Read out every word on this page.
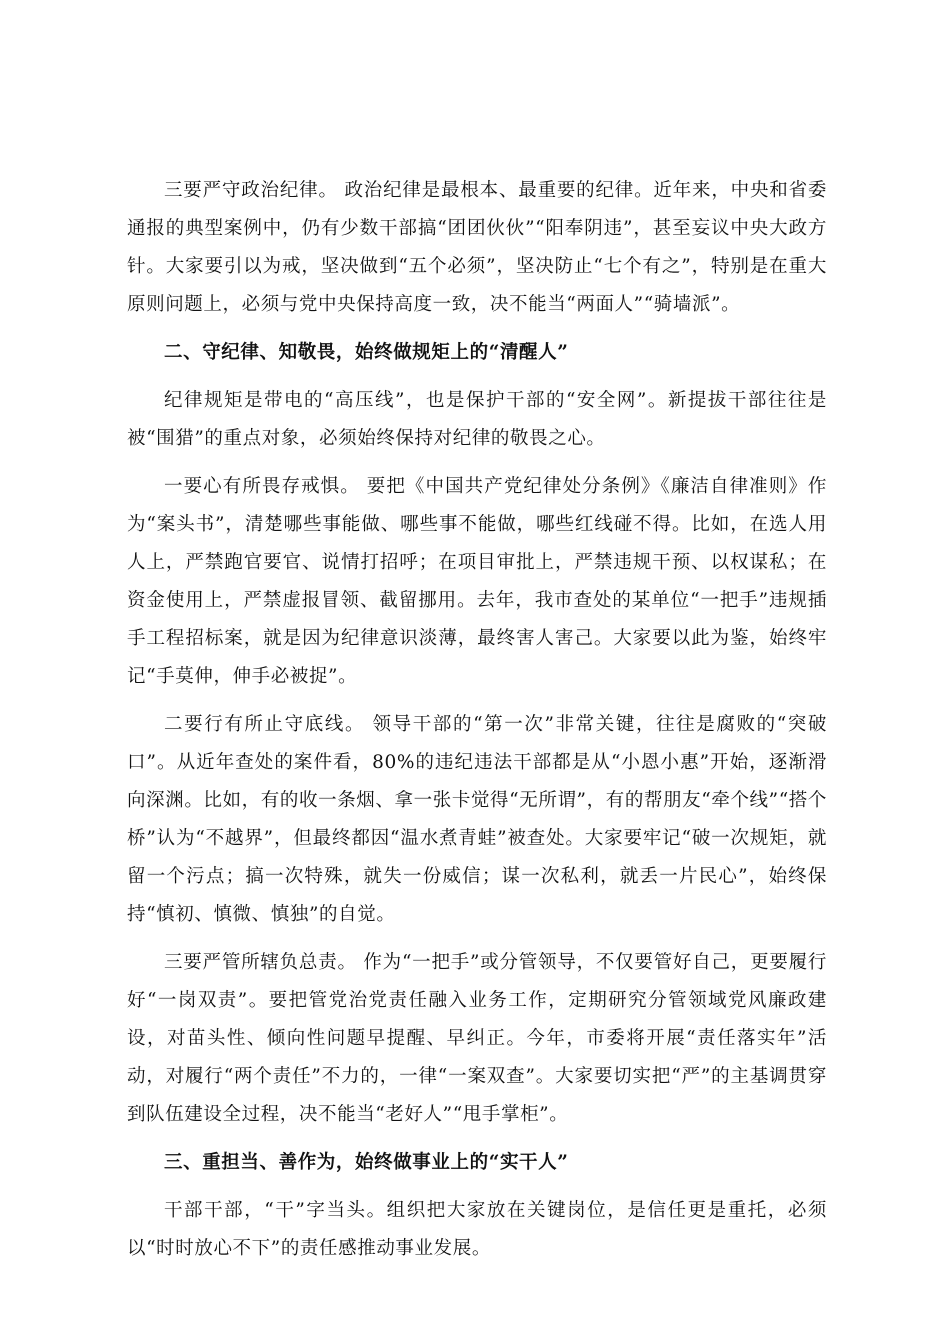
三要严守政治纪律。 政治纪律是最根本、最重要的纪律。近年来，中央和省委通报的典型案例中，仍有少数干部搞“团团伙伙”“阳奉阴违”，甚至妄议中央大政方针。大家要引以为戒，坚决做到“五个必须”，坚决防止“七个有之”，特别是在重大原则问题上，必须与党中央保持高度一致，决不能当“两面人”“骑墙派”。

二、守纪律、知敬畏，始终做规矩上的“清醒人”

纪律规矩是带电的“高压线”，也是保护干部的“安全网”。新提拔干部往往是被“围猎”的重点对象，必须始终保持对纪律的敬畏之心。

一要心有所畏存戒惧。 要把《中国共产党纪律处分条例》《廉洁自律准则》作为“案头书”，清楚哪些事能做、哪些事不能做，哪些红线碰不得。比如，在选人用人上，严禁跑官要官、说情打招呼；在项目审批上，严禁违规干预、以权谋私；在资金使用上，严禁虚报冒领、截留挪用。去年，我市查处的某单位“一把手”违规插手工程招标案，就是因为纪律意识淡薄，最终害人害己。大家要以此为鉴，始终牢记“手莫伸，伸手必被捉”。

二要行有所止守底线。 领导干部的“第一次”非常关键，往往是腐败的“突破口”。从近年查处的案件看，80%的违纪违法干部都是从“小恩小惠”开始，逐渐滑向深渊。比如，有的收一条烟、拿一张卡觉得“无所谓”，有的帮朋友“牵个线”“搭个桥”认为“不越界”，但最终都因“温水煮青蛙”被查处。大家要牢记“破一次规矩，就留一个污点；搞一次特殊，就失一份威信；谋一次私利，就丢一片民心”，始终保持“慎初、慎微、慎独”的自觉。

三要严管所辖负总责。 作为“一把手”或分管领导，不仅要管好自己，更要履行好“一岗双责”。要把管党治党责任融入业务工作，定期研究分管领域党风廉政建设，对苗头性、倾向性问题早提醒、早纠正。今年，市委将开展“责任落实年”活动，对履行“两个责任”不力的，一律“一案双查”。大家要切实把“严”的主基调贯穿到队伍建设全过程，决不能当“老好人”“甩手掌柜”。

三、重担当、善作为，始终做事业上的“实干人”

干部干部，“干”字当头。组织把大家放在关键岗位，是信任更是重托，必须以“时时放心不下”的责任感推动事业发展。
